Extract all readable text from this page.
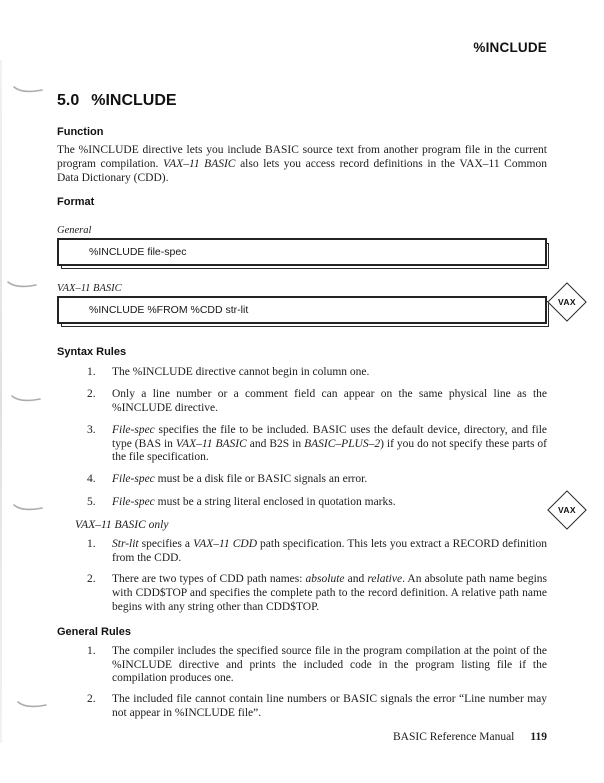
%INCLUDE
5.0 %INCLUDE
Function

The %INCLUDE directive lets you include BASIC source text from another program file in the current program compilation. VAX–11 BASIC also lets you access record definitions in the VAX–11 Common Data Dictionary (CDD).

Format
General
%INCLUDE file-spec
VAX–11 BASIC
%INCLUDE %FROM %CDD str-lit
Syntax Rules
1.	The %INCLUDE directive cannot begin in column one.
2.	Only a line number or a comment field can appear on the same physical line as the %INCLUDE directive.
3.	File-spec specifies the file to be included. BASIC uses the default device, directory, and file type (BAS in VAX–11 BASIC and B2S in BASIC–PLUS–2) if you do not specify these parts of the file specification.
4.	File-spec must be a disk file or BASIC signals an error.
5.	File-spec must be a string literal enclosed in quotation marks.
VAX–11 BASIC only
1.	Str-lit specifies a VAX–11 CDD path specification. This lets you extract a RECORD definition from the CDD.
2.	There are two types of CDD path names: absolute and relative. An absolute path name begins with CDD$TOP and specifies the complete path to the record definition. A relative path name begins with any string other than CDD$TOP.
General Rules
1.	The compiler includes the specified source file in the program compilation at the point of the %INCLUDE directive and prints the included code in the program listing file if the compilation produces one.
2.	The included file cannot contain line numbers or BASIC signals the error “Line number may not appear in %INCLUDE file”.
VAX
VAX
BASIC Reference Manual 119
